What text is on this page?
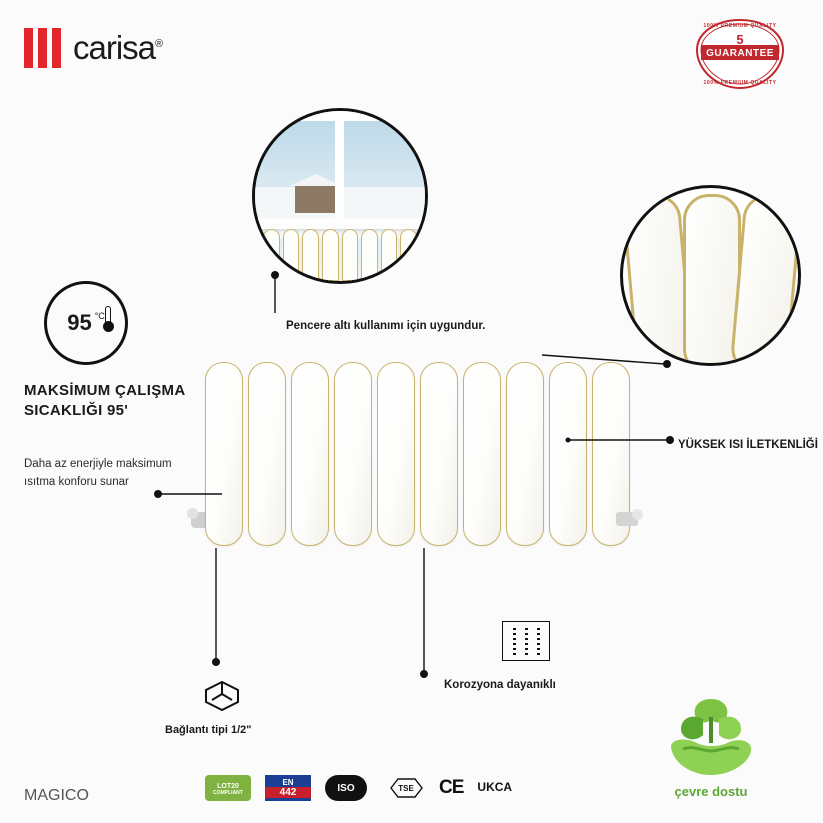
carisa®
100% PREMIUM QUALITY
5
GUARANTEE
100% PREMIUM QUALITY
95 °C
MAKSİMUM ÇALIŞMA SICAKLIĞI 95'
Daha az enerjiyle maksimum ısıtma konforu sunar
Pencere altı kullanımı için uygundur.
YÜKSEK ISI İLETKENLİĞİ
Korozyona dayanıklı
Bağlantı tipi 1/2"
çevre dostu
MAGICO
LOT20
COMPLIANT
EN
442	ISO	TSE CE UK CA
